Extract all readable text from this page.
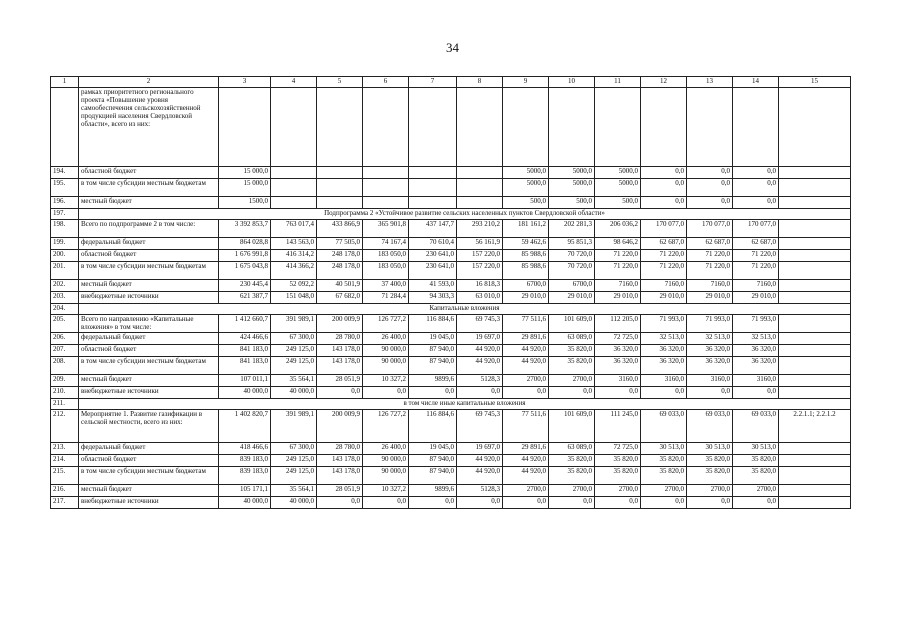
34
1	2	3	4	5	6	7	8	9	10	11	12	13	14	15
	рамках приоритетного регионального проекта «Повышение уровня самообеспечения сельскохозяйственной продукцией населения Свердловской области», всего из них:													
194.	областной бюджет	15 000,0						5000,0	5000,0	5000,0	0,0	0,0	0,0	
195.	в том числе субсидии местным бюджетам	15 000,0						5000,0	5000,0	5000,0	0,0	0,0	0,0	
196.	местный бюджет	1500,0						500,0	500,0	500,0	0,0	0,0	0,0	
197.	Подпрограмма 2 «Устойчивое развитие сельских населенных пунктов Свердловской области»													
198.	Всего по подпрограмме 2 в том числе:	3 392 853,7	763 017,4	433 866,9	365 901,8	437 147,7	293 210,2	181 161,2	202 281,3	206 036,2	170 077,0	170 077,0	170 077,0	
199.	федеральный бюджет	864 028,8	143 563,0	77 505,0	74 167,4	70 610,4	56 161,9	59 462,6	95 851,3	98 646,2	62 687,0	62 687,0	62 687,0	
200.	областной бюджет	1 676 991,8	416 314,2	248 178,0	183 050,0	230 641,0	157 220,0	85 988,6	70 720,0	71 220,0	71 220,0	71 220,0	71 220,0	
201.	в том числе субсидии местным бюджетам	1 675 043,8	414 366,2	248 178,0	183 050,0	230 641,0	157 220,0	85 988,6	70 720,0	71 220,0	71 220,0	71 220,0	71 220,0	
202.	местный бюджет	230 445,4	52 092,2	40 501,9	37 400,0	41 593,0	16 818,3	6700,0	6700,0	7160,0	7160,0	7160,0	7160,0	
203.	внебюджетные источники	621 387,7	151 048,0	67 682,0	71 284,4	94 303,3	63 010,0	29 010,0	29 010,0	29 010,0	29 010,0	29 010,0	29 010,0	
204.	Капитальные вложения													
205.	Всего по направлению «Капитальные вложения» в том числе:	1 412 660,7	391 989,1	200 009,9	126 727,2	116 884,6	69 745,3	77 511,6	101 609,0	112 205,0	71 993,0	71 993,0	71 993,0	
206.	федеральный бюджет	424 466,6	67 300,0	28 780,0	26 400,0	19 045,0	19 697,0	29 891,6	63 089,0	72 725,0	32 513,0	32 513,0	32 513,0	
207.	областной бюджет	841 183,0	249 125,0	143 178,0	90 000,0	87 940,0	44 920,0	44 920,0	35 820,0	36 320,0	36 320,0	36 320,0	36 320,0	
208.	в том числе субсидии местным бюджетам	841 183,0	249 125,0	143 178,0	90 000,0	87 940,0	44 920,0	44 920,0	35 820,0	36 320,0	36 320,0	36 320,0	36 320,0	
209.	местный бюджет	107 011,1	35 564,1	28 051,9	10 327,2	9899,6	5128,3	2700,0	2700,0	3160,0	3160,0	3160,0	3160,0	
210.	внебюджетные источники	40 000,0	40 000,0	0,0	0,0	0,0	0,0	0,0	0,0	0,0	0,0	0,0	0,0	
211.	в том числе иные капитальные вложения													
212.	Мероприятие 1. Развитие газификации в сельской местности, всего из них:	1 402 820,7	391 989,1	200 009,9	126 727,2	116 884,6	69 745,3	77 511,6	101 609,0	111 245,0	69 033,0	69 033,0	69 033,0	2.2.1.1; 2.2.1.2
213.	федеральный бюджет	418 466,6	67 300,0	28 780,0	26 400,0	19 045,0	19 697,0	29 891,6	63 089,0	72 725,0	30 513,0	30 513,0	30 513,0	
214.	областной бюджет	839 183,0	249 125,0	143 178,0	90 000,0	87 940,0	44 920,0	44 920,0	35 820,0	35 820,0	35 820,0	35 820,0	35 820,0	
215.	в том числе субсидии местным бюджетам	839 183,0	249 125,0	143 178,0	90 000,0	87 940,0	44 920,0	44 920,0	35 820,0	35 820,0	35 820,0	35 820,0	35 820,0	
216.	местный бюджет	105 171,1	35 564,1	28 051,9	10 327,2	9899,6	5128,3	2700,0	2700,0	2700,0	2700,0	2700,0	2700,0	
217.	внебюджетные источники	40 000,0	40 000,0	0,0	0,0	0,0	0,0	0,0	0,0	0,0	0,0	0,0	0,0	
